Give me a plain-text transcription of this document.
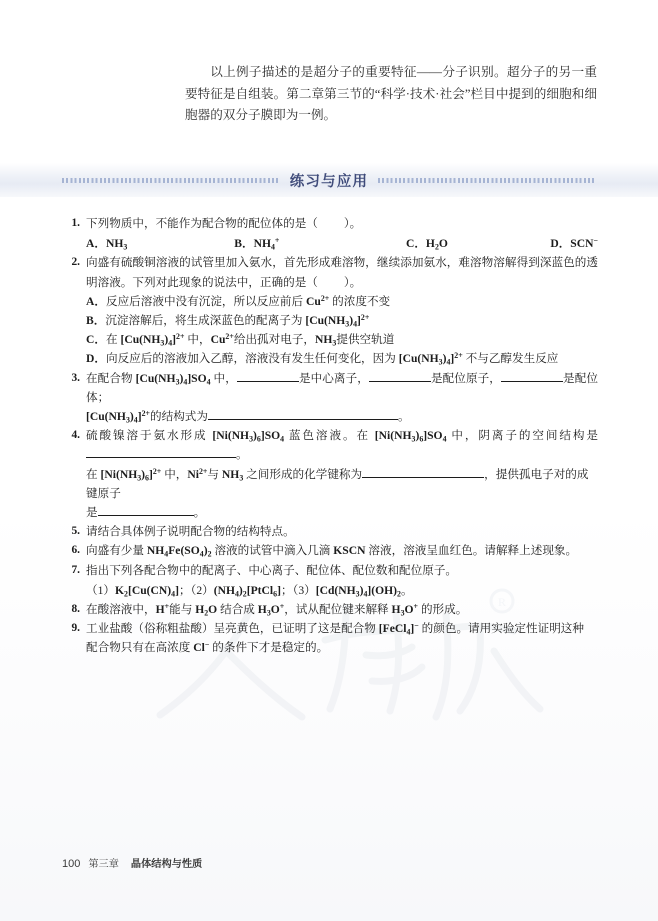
R

以上例子描述的是超分子的重要特征——分子识别。超分子的另一重要特征是自组装。第二章第三节的“科学·技术·社会”栏目中提到的细胞和细胞器的双分子膜即为一例。

练习与应用
1. 下列物质中，不能作为配合物的配位体的是（ ）。
A．$NH_3$	B．$NH_4^+$	C．$H_2O$	D．SCN−
2. 向盛有硫酸铜溶液的试管里加入氨水，首先形成难溶物，继续添加氨水，难溶物溶解得到深蓝色的透明溶液。下列对此现象的说法中，正确的是（ ）。
A．反应后溶液中没有沉淀，所以反应前后 $Cu^{2+}$ 的浓度不变
B．沉淀溶解后，将生成深蓝色的配离子为 $[Cu(NH_3)_4]^{2+}$
C．在 $[Cu(NH_3)_4]^{2+}$ 中，$Cu^{2+}$给出孤对电子，$NH_3$提供空轨道
D．向反应后的溶液加入乙醇，溶液没有发生任何变化，因为 $[Cu(NH_3)_4]^{2+}$ 不与乙醇发生反应
3. 在配合物 $[Cu(NH_3)_4]SO_4$ 中，	是中心离子，	是配位原子，	是配位体；
$[Cu(NH_3)_4]^{2+}$的结构式为	。
4. 硫酸镍溶于氨水形成 $[Ni(NH_3)_6]SO_4$ 蓝色溶液。在 $[Ni(NH_3)_6]SO_4$ 中，阴离子的空间结构是。
在 $[Ni(NH_3)_6]^{2+}$ 中，$Ni^{2+}$与 $NH_3$ 之间形成的化学键称为	，提供孤电子对的成键原子
是	。
5. 请结合具体例子说明配合物的结构特点。
6. 向盛有少量 $NH_4Fe(SO_4)_2$ 溶液的试管中滴入几滴 KSCN 溶液，溶液呈血红色。请解释上述现象。
7. 指出下列各配合物中的配离子、中心离子、配位体、配位数和配位原子。
$(1)K_2[Cu(CN)_4]$；$(2)(NH_4)_2[PtCl_6]$；$(3)[Cd(NH_3)_4](OH)_2$。
8. 在酸溶液中，H+能与 $H_2O$ 结合成 $H_3O^+$，试从配位键来解释 $H_3O^+$ 的形成。
9. 工业盐酸（俗称粗盐酸）呈亮黄色，已证明了这是配合物 [FeCl$_4$]− 的颜色。请用实验定性证明这种
配合物只有在高浓度 Cl− 的条件下才是稳定的。
100 第三章 晶体结构与性质
